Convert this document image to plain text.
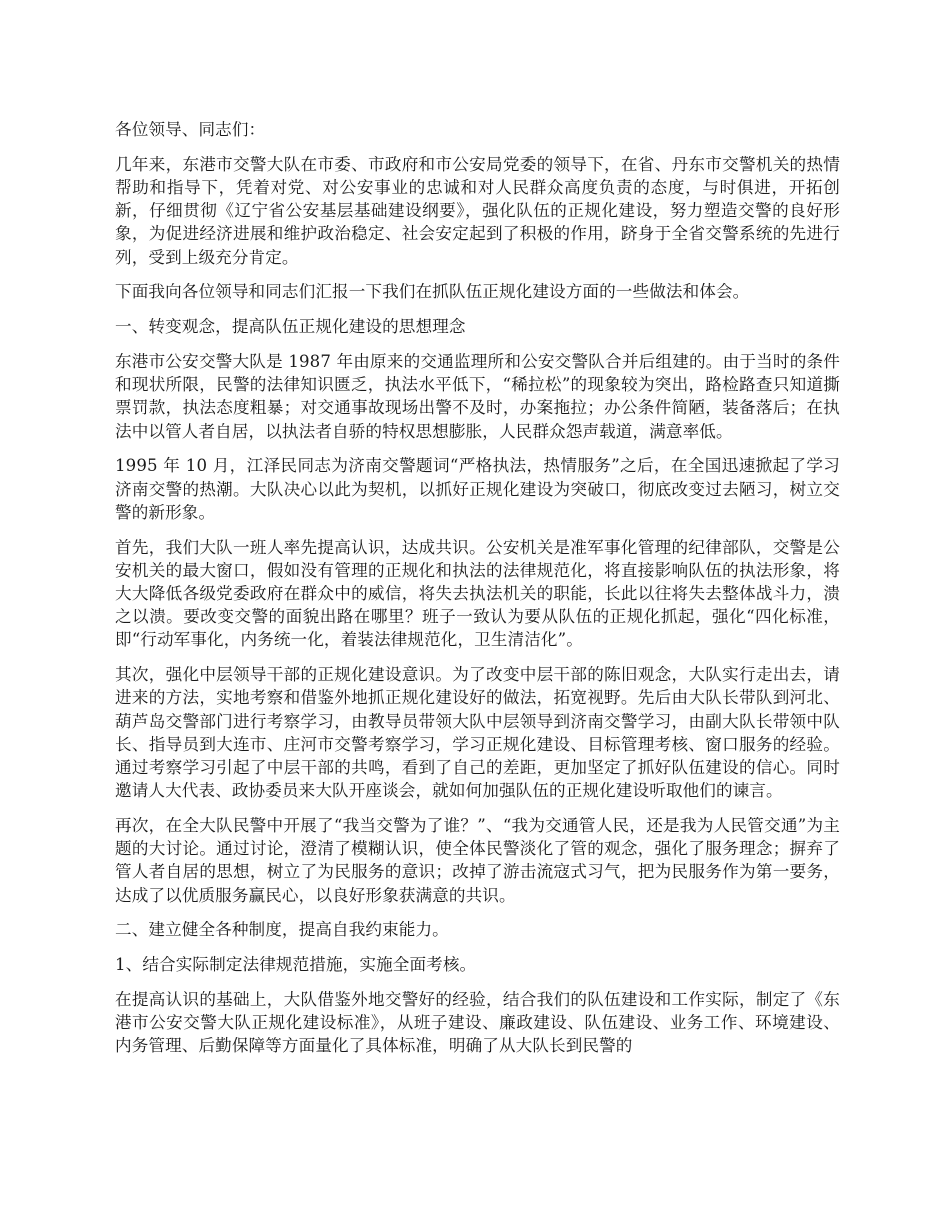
各位领导、同志们：

几年来，东港市交警大队在市委、市政府和市公安局党委的领导下，在省、丹东市交警机关的热情帮助和指导下，凭着对党、对公安事业的忠诚和对人民群众高度负责的态度，与时俱进，开拓创新，仔细贯彻《辽宁省公安基层基础建设纲要》，强化队伍的正规化建设，努力塑造交警的良好形象，为促进经济进展和维护政治稳定、社会安定起到了积极的作用，跻身于全省交警系统的先进行列，受到上级充分肯定。

下面我向各位领导和同志们汇报一下我们在抓队伍正规化建设方面的一些做法和体会。

一、转变观念，提高队伍正规化建设的思想理念

东港市公安交警大队是 1987 年由原来的交通监理所和公安交警队合并后组建的。由于当时的条件和现状所限，民警的法律知识匮乏，执法水平低下，“稀拉松”的现象较为突出，路检路查只知道撕票罚款，执法态度粗暴；对交通事故现场出警不及时，办案拖拉；办公条件简陋，装备落后；在执法中以管人者自居，以执法者自骄的特权思想膨胀，人民群众怨声载道，满意率低。

1995 年 10 月，江泽民同志为济南交警题词“严格执法，热情服务”之后，在全国迅速掀起了学习济南交警的热潮。大队决心以此为契机，以抓好正规化建设为突破口，彻底改变过去陋习，树立交警的新形象。

首先，我们大队一班人率先提高认识，达成共识。公安机关是准军事化管理的纪律部队，交警是公安机关的最大窗口，假如没有管理的正规化和执法的法律规范化，将直接影响队伍的执法形象，将大大降低各级党委政府在群众中的威信，将失去执法机关的职能，长此以往将失去整体战斗力，溃之以溃。要改变交警的面貌出路在哪里？班子一致认为要从队伍的正规化抓起，强化“四化标准，即“行动军事化，内务统一化，着装法律规范化，卫生清洁化”。

其次，强化中层领导干部的正规化建设意识。为了改变中层干部的陈旧观念，大队实行走出去，请进来的方法，实地考察和借鉴外地抓正规化建设好的做法，拓宽视野。先后由大队长带队到河北、葫芦岛交警部门进行考察学习，由教导员带领大队中层领导到济南交警学习，由副大队长带领中队长、指导员到大连市、庄河市交警考察学习，学习正规化建设、目标管理考核、窗口服务的经验。通过考察学习引起了中层干部的共鸣，看到了自己的差距，更加坚定了抓好队伍建设的信心。同时邀请人大代表、政协委员来大队开座谈会，就如何加强队伍的正规化建设听取他们的谏言。

再次，在全大队民警中开展了“我当交警为了谁？”、“我为交通管人民，还是我为人民管交通”为主题的大讨论。通过讨论，澄清了模糊认识，使全体民警淡化了管的观念，强化了服务理念；摒弃了管人者自居的思想，树立了为民服务的意识；改掉了游击流寇式习气，把为民服务作为第一要务，达成了以优质服务赢民心，以良好形象获满意的共识。

二、建立健全各种制度，提高自我约束能力。

1、结合实际制定法律规范措施，实施全面考核。

在提高认识的基础上，大队借鉴外地交警好的经验，结合我们的队伍建设和工作实际，制定了《东港市公安交警大队正规化建设标准》，从班子建设、廉政建设、队伍建设、业务工作、环境建设、内务管理、后勤保障等方面量化了具体标准，明确了从大队长到民警的
